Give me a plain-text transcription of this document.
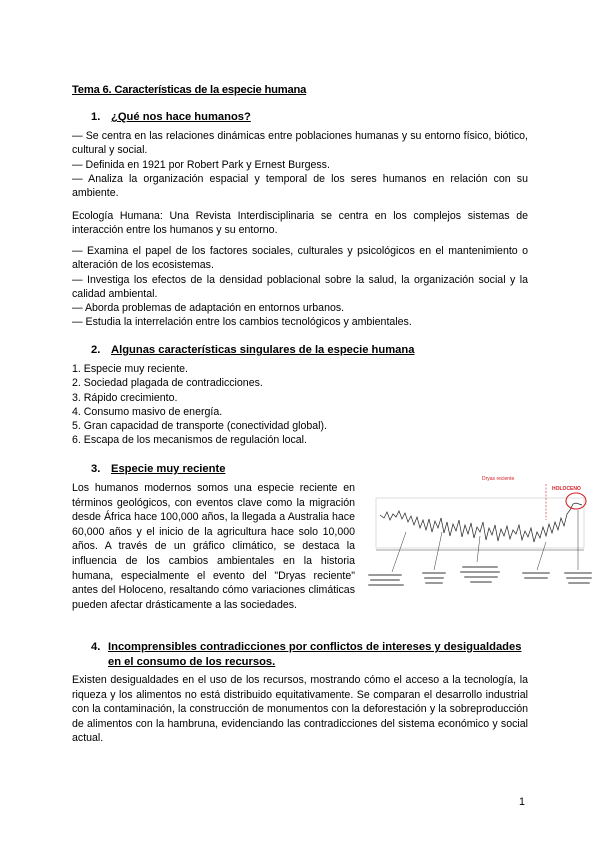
Tema 6. Características de la especie humana
1. ¿Qué nos hace humanos?
— Se centra en las relaciones dinámicas entre poblaciones humanas y su entorno físico, biótico, cultural y social.
— Definida en 1921 por Robert Park y Ernest Burgess.
— Analiza la organización espacial y temporal de los seres humanos en relación con su ambiente.
Ecología Humana: Una Revista Interdisciplinaria se centra en los complejos sistemas de interacción entre los humanos y su entorno.
— Examina el papel de los factores sociales, culturales y psicológicos en el mantenimiento o alteración de los ecosistemas.
— Investiga los efectos de la densidad poblacional sobre la salud, la organización social y la calidad ambiental.
— Aborda problemas de adaptación en entornos urbanos.
— Estudia la interrelación entre los cambios tecnológicos y ambientales.
2. Algunas características singulares de la especie humana
1. Especie muy reciente.
2. Sociedad plagada de contradicciones.
3. Rápido crecimiento.
4. Consumo masivo de energía.
5. Gran capacidad de transporte (conectividad global).
6. Escapa de los mecanismos de regulación local.
3. Especie muy reciente
Los humanos modernos somos una especie reciente en términos geológicos, con eventos clave como la migración desde África hace 100,000 años, la llegada a Australia hace 60,000 años y el inicio de la agricultura hace solo 10,000 años. A través de un gráfico climático, se destaca la influencia de los cambios ambientales en la historia humana, especialmente el evento del "Dryas reciente" antes del Holoceno, resaltando cómo variaciones climáticas pueden afectar drásticamente a las sociedades.
Dryas reciente
HOLOCENO
4. Incomprensibles contradicciones por conflictos de intereses y desigualdades en el consumo de los recursos.
Existen desigualdades en el uso de los recursos, mostrando cómo el acceso a la tecnología, la riqueza y los alimentos no está distribuido equitativamente. Se comparan el desarrollo industrial con la contaminación, la construcción de monumentos con la deforestación y la sobreproducción de alimentos con la hambruna, evidenciando las contradicciones del sistema económico y social actual.
1
